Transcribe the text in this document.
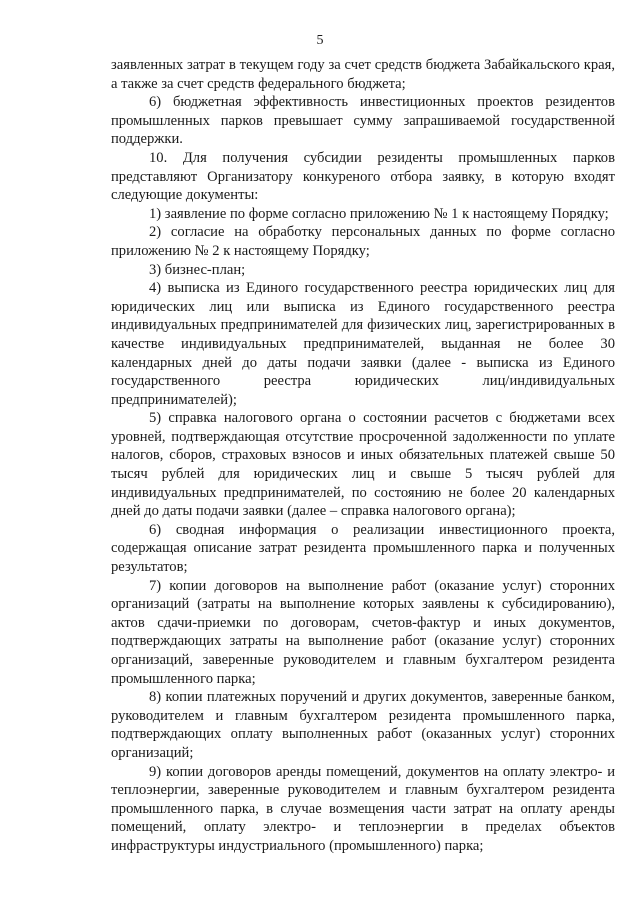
5

заявленных затрат в текущем году за счет средств бюджета Забайкальского края, а также за счет средств федерального бюджета;

6) бюджетная эффективность инвестиционных проектов резидентов промышленных парков превышает сумму запрашиваемой государственной поддержки.

10. Для получения субсидии резиденты промышленных парков представляют Организатору конкуреного отбора заявку, в которую входят следующие документы:

1) заявление по форме согласно приложению № 1 к настоящему Порядку;

2) согласие на обработку персональных данных по форме согласно приложению № 2 к настоящему Порядку;

3) бизнес-план;

4) выписка из Единого государственного реестра юридических лиц для юридических лиц или выписка из Единого государственного реестра индивидуальных предпринимателей для физических лиц, зарегистрированных в качестве индивидуальных предпринимателей, выданная не более 30 календарных дней до даты подачи заявки (далее - выписка из Единого государственного реестра юридических лиц/индивидуальных предпринимателей);

5) справка налогового органа о состоянии расчетов с бюджетами всех уровней, подтверждающая отсутствие просроченной задолженности по уплате налогов, сборов, страховых взносов и иных обязательных платежей свыше 50 тысяч рублей для юридических лиц и свыше 5 тысяч рублей для индивидуальных предпринимателей, по состоянию не более 20 календарных дней до даты подачи заявки (далее – справка налогового органа);

6) сводная информация о реализации инвестиционного проекта, содержащая описание затрат резидента промышленного парка и полученных результатов;

7) копии договоров на выполнение работ (оказание услуг) сторонних организаций (затраты на выполнение которых заявлены к субсидированию), актов сдачи-приемки по договорам, счетов-фактур и иных документов, подтверждающих затраты на выполнение работ (оказание услуг) сторонних организаций, заверенные руководителем и главным бухгалтером резидента промышленного парка;

8) копии платежных поручений и других документов, заверенные банком, руководителем и главным бухгалтером резидента промышленного парка, подтверждающих оплату выполненных работ (оказанных услуг) сторонних организаций;

9) копии договоров аренды помещений, документов на оплату электро- и теплоэнергии, заверенные руководителем и главным бухгалтером резидента промышленного парка, в случае возмещения части затрат на оплату аренды помещений, оплату электро- и теплоэнергии в пределах объектов инфраструктуры индустриального (промышленного) парка;
